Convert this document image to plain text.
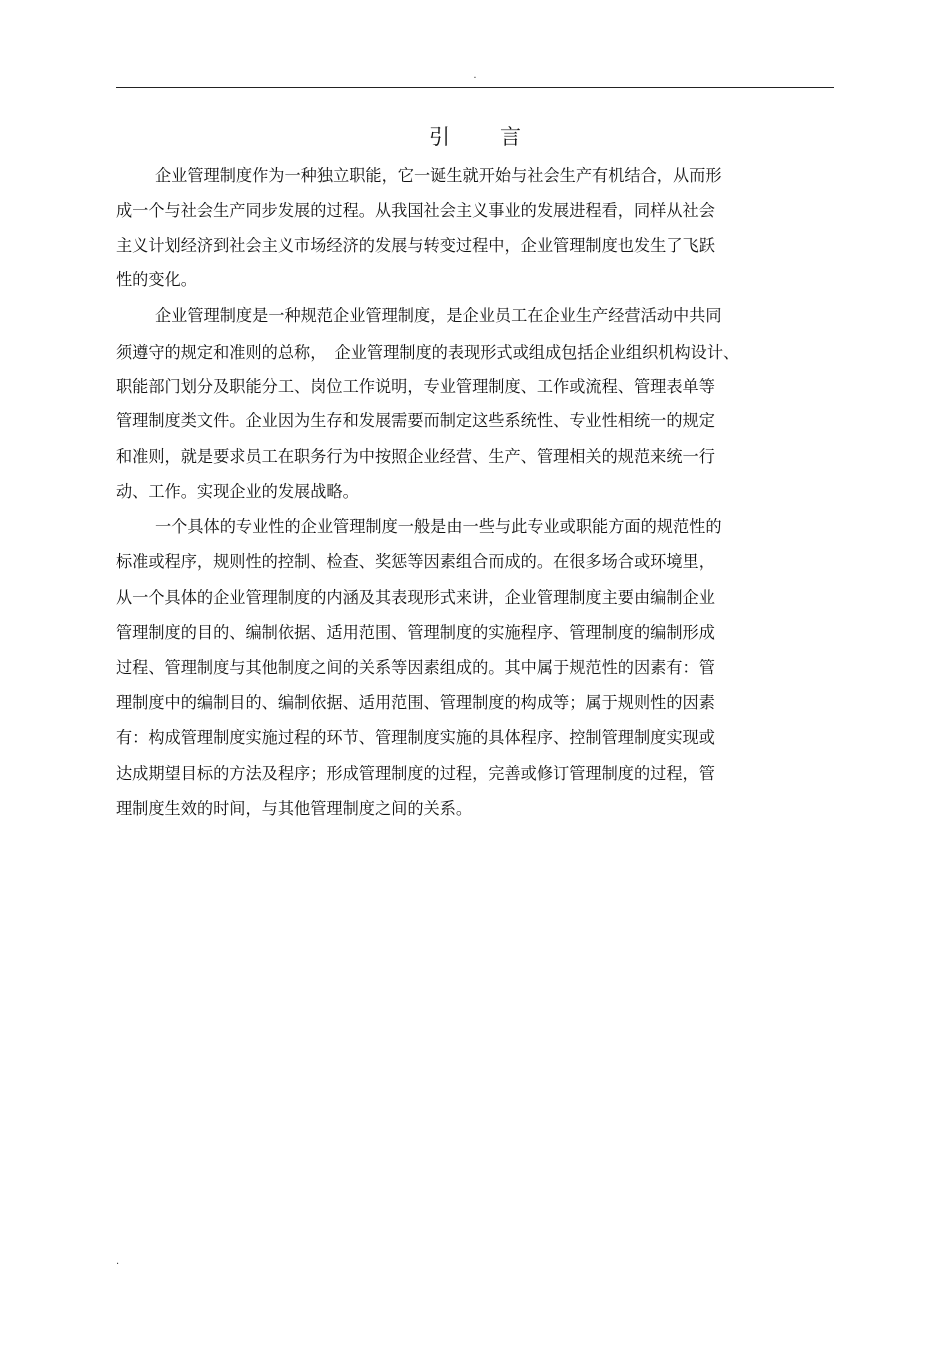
.
引言
企业管理制度作为一种独立职能，它一诞生就开始与社会生产有机结合，从而形
成一个与社会生产同步发展的过程。从我国社会主义事业的发展进程看，同样从社会
主义计划经济到社会主义市场经济的发展与转变过程中，企业管理制度也发生了飞跃
性的变化。
企业管理制度是一种规范企业管理制度，是企业员工在企业生产经营活动中共同
须遵守的规定和准则的总称，　企业管理制度的表现形式或组成包括企业组织机构设计、
职能部门划分及职能分工、岗位工作说明，专业管理制度、工作或流程、管理表单等
管理制度类文件。企业因为生存和发展需要而制定这些系统性、专业性相统一的规定
和准则，就是要求员工在职务行为中按照企业经营、生产、管理相关的规范来统一行
动、工作。实现企业的发展战略。
一个具体的专业性的企业管理制度一般是由一些与此专业或职能方面的规范性的
标准或程序，规则性的控制、检查、奖惩等因素组合而成的。在很多场合或环境里，
从一个具体的企业管理制度的内涵及其表现形式来讲，企业管理制度主要由编制企业
管理制度的目的、编制依据、适用范围、管理制度的实施程序、管理制度的编制形成
过程、管理制度与其他制度之间的关系等因素组成的。其中属于规范性的因素有：管
理制度中的编制目的、编制依据、适用范围、管理制度的构成等；属于规则性的因素
有：构成管理制度实施过程的环节、管理制度实施的具体程序、控制管理制度实现或
达成期望目标的方法及程序；形成管理制度的过程，完善或修订管理制度的过程，管
理制度生效的时间，与其他管理制度之间的关系。
.
